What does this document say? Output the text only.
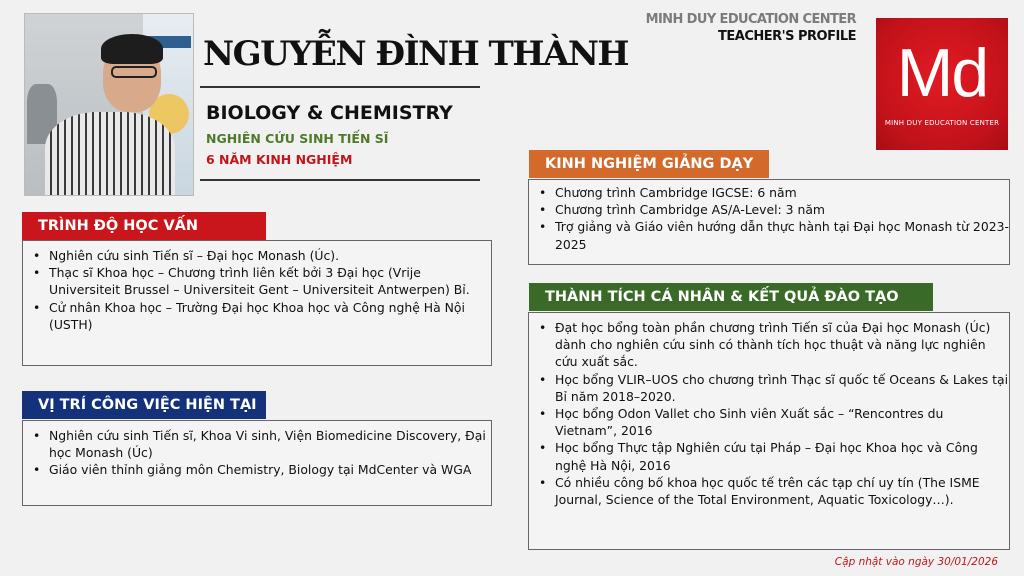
NGUYỄN ĐÌNH THÀNH
BIOLOGY & CHEMISTRY
NGHIÊN CỨU SINH TIẾN SĨ
6 NĂM KINH NGHIỆM
MINH DUY EDUCATION CENTER
TEACHER'S PROFILE Md
MINH DUY EDUCATION CENTER
TRÌNH ĐỘ HỌC VẤN
• Nghiên cứu sinh Tiến sĩ – Đại học Monash (Úc).
• Thạc sĩ Khoa học – Chương trình liên kết bởi 3 Đại học (Vrije Universiteit Brussel – Universiteit Gent – Universiteit Antwerpen) Bỉ.
• Cử nhân Khoa học – Trường Đại học Khoa học và Công nghệ Hà Nội (USTH)
VỊ TRÍ CÔNG VIỆC HIỆN TẠI
• Nghiên cứu sinh Tiến sĩ, Khoa Vi sinh, Viện Biomedicine Discovery, Đại học Monash (Úc)
• Giáo viên thỉnh giảng môn Chemistry, Biology tại MdCenter và WGA
KINH NGHIỆM GIẢNG DẠY
• Chương trình Cambridge IGCSE: 6 năm
• Chương trình Cambridge AS/A-Level: 3 năm
• Trợ giảng và Giáo viên hướng dẫn thực hành tại Đại học Monash từ 2023-2025
THÀNH TÍCH CÁ NHÂN & KẾT QUẢ ĐÀO TẠO
• Đạt học bổng toàn phần chương trình Tiến sĩ của Đại học Monash (Úc) dành cho nghiên cứu sinh có thành tích học thuật và năng lực nghiên cứu xuất sắc.
• Học bổng VLIR–UOS cho chương trình Thạc sĩ quốc tế Oceans & Lakes tại Bỉ năm 2018–2020.
• Học bổng Odon Vallet cho Sinh viên Xuất sắc – “Rencontres du Vietnam”, 2016
• Học bổng Thực tập Nghiên cứu tại Pháp – Đại học Khoa học và Công nghệ Hà Nội, 2016
• Có nhiều công bố khoa học quốc tế trên các tạp chí uy tín (The ISME Journal, Science of the Total Environment, Aquatic Toxicology…).
Cập nhật vào ngày 30/01/2026
